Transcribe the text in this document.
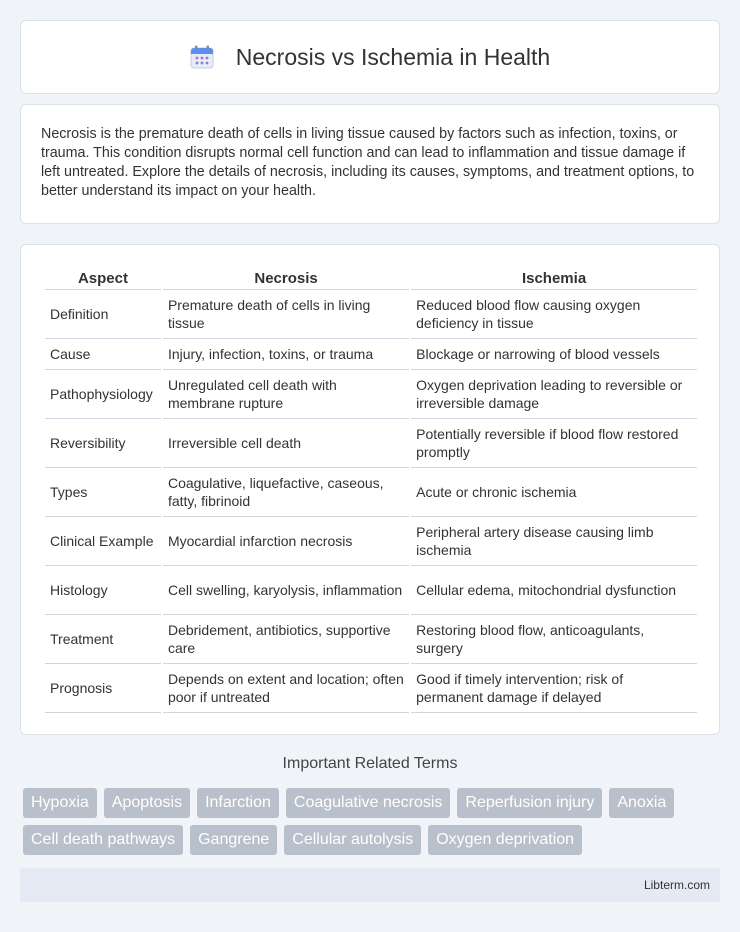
Necrosis vs Ischemia in Health

Necrosis is the premature death of cells in living tissue caused by factors such as infection, toxins, or trauma. This condition disrupts normal cell function and can lead to inflammation and tissue damage if left untreated. Explore the details of necrosis, including its causes, symptoms, and treatment options, to better understand its impact on your health.

Aspect	Necrosis	Ischemia
Definition	Premature death of cells in living tissue	Reduced blood flow causing oxygen deficiency in tissue
Cause	Injury, infection, toxins, or trauma	Blockage or narrowing of blood vessels
Pathophysiology	Unregulated cell death with membrane rupture	Oxygen deprivation leading to reversible or irreversible damage
Reversibility	Irreversible cell death	Potentially reversible if blood flow restored promptly
Types	Coagulative, liquefactive, caseous, fatty, fibrinoid	Acute or chronic ischemia
Clinical Example	Myocardial infarction necrosis	Peripheral artery disease causing limb ischemia
Histology	Cell swelling, karyolysis, inflammation	Cellular edema, mitochondrial dysfunction
Treatment	Debridement, antibiotics, supportive care	Restoring blood flow, anticoagulants, surgery
Prognosis	Depends on extent and location; often poor if untreated	Good if timely intervention; risk of permanent damage if delayed
Important Related Terms
Hypoxia	Apoptosis	Infarction	Coagulative necrosis	Reperfusion injury	Anoxia
Cell death pathways	Gangrene	Cellular autolysis	Oxygen deprivation
Libterm.com
